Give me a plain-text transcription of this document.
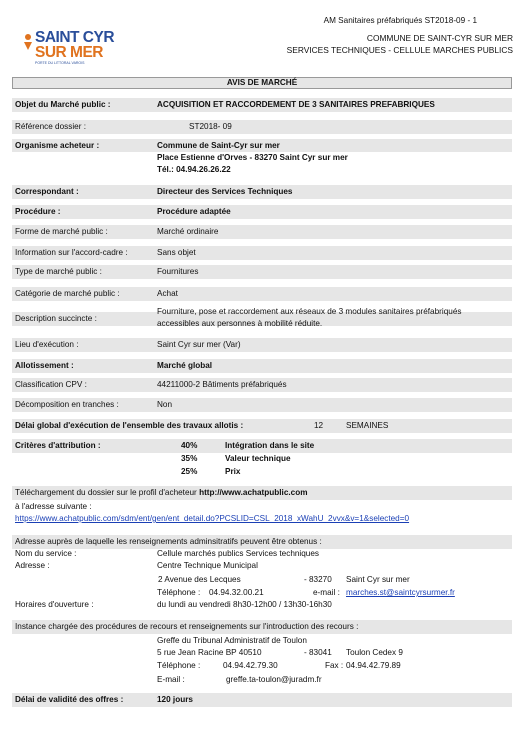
AM Sanitaires préfabriqués ST2018-09 - 1
COMMUNE DE SAINT-CYR SUR MER
SERVICES TECHNIQUES - CELLULE MARCHES PUBLICS
SAINT CYR
SUR MER
PORTE DU LITTORAL VAROIS
AVIS DE MARCHÉ
Objet du Marché public :	ACQUISITION ET RACCORDEMENT DE 3 SANITAIRES PREFABRIQUES
Référence dossier :	ST2018- 09
Organisme acheteur :	Commune de Saint-Cyr sur mer
Place Estienne d'Orves - 83270 Saint Cyr sur mer
Tél.: 04.94.26.26.22
Correspondant :	Directeur des Services Techniques
Procédure :	Procédure adaptée
Forme de marché public :	Marché ordinaire
Information sur l'accord-cadre :	Sans objet
Type de marché public :	Fournitures
Catégorie de marché public :	Achat
Description succincte :
Fourniture, pose et raccordement aux réseaux de 3 modules sanitaires préfabriqués
accessibles aux personnes à mobilité réduite.
Lieu d'exécution :	Saint Cyr sur mer (Var)
Allotissement :	Marché global
Classification CPV :	44211000-2 Bâtiments préfabriqués
Décomposition en tranches :	Non
Délai global d'exécution de l'ensemble des travaux allotis :	12	SEMAINES
Critères d'attribution :	40%	Intégration dans le site
35%	Valeur technique
25%	Prix
Téléchargement du dossier sur le profil d'acheteur http://www.achatpublic.com
à l'adresse suivante :
https://www.achatpublic.com/sdm/ent/gen/ent_detail.do?PCSLID=CSL_2018_xWahU_2vvx&v=1&selected=0
Adresse auprès de laquelle les renseignements adminsitratifs peuvent être obtenus :
Nom du service :	Cellule marchés publics Services techniques
Adresse :	Centre Technique Municipal
2 Avenue des Lecques	- 83270 Saint Cyr sur mer
Téléphone : 04.94.32.00.21	e-mail : marches.st@saintcyrsurmer.fr
Horaires d'ouverture :	du lundi au vendredi 8h30-12h00 / 13h30-16h30
Instance chargée des procédures de recours et renseignements sur l'introduction des recours :
Greffe du Tribunal Administratif de Toulon
5 rue Jean Racine BP 40510	- 83041 Toulon Cedex 9
Téléphone :	04.94.42.79.30	Fax : 04.94.42.79.89
E-mail :	greffe.ta-toulon@juradm.fr
Délai de validité des offres :	120 jours
